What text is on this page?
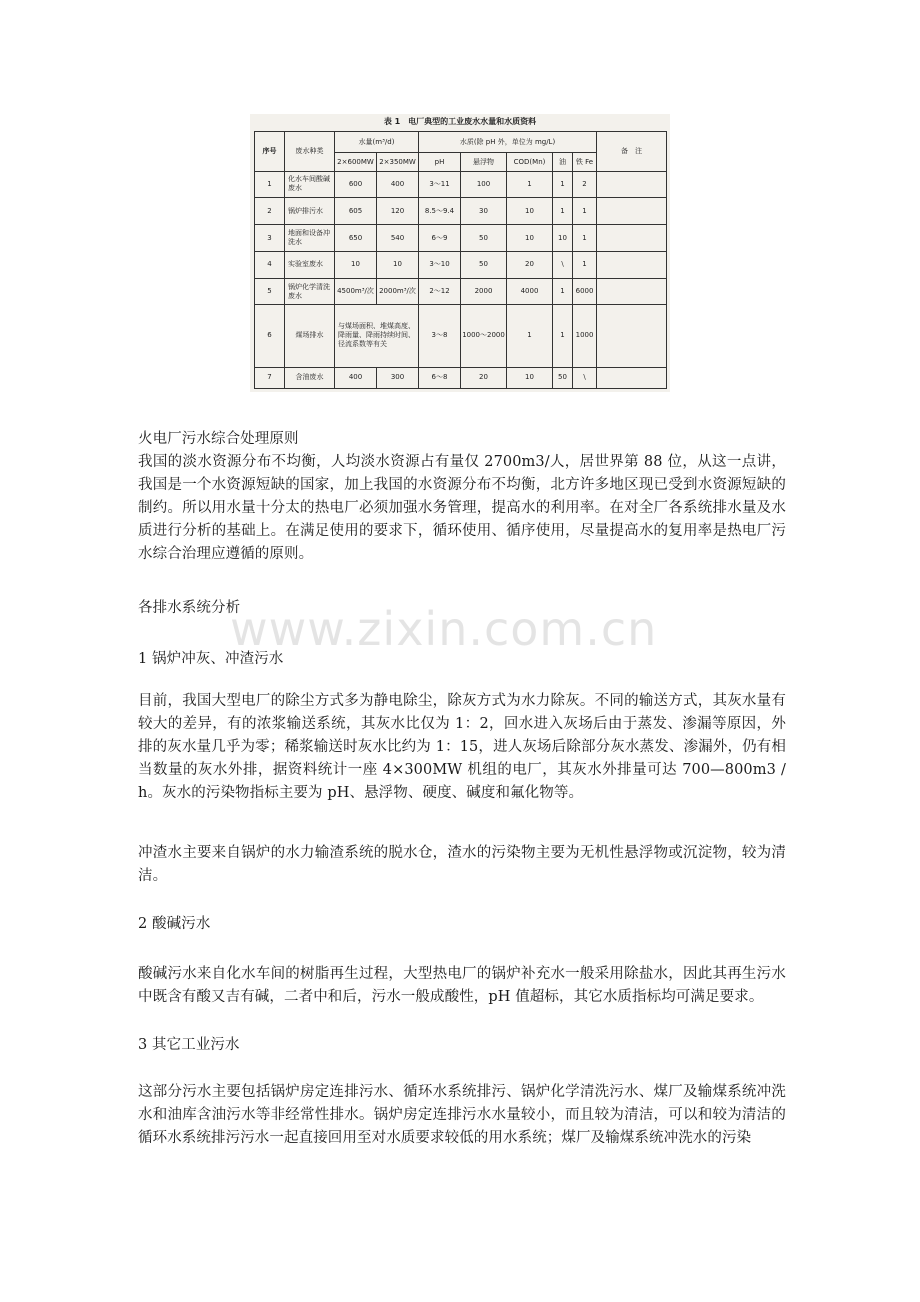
表 1　电厂典型的工业废水水量和水质资料
序号	废水种类	水量(m³/d)		水质(除 pH 外，单位为 mg/L)					备　注
		2×600MW	2×350MW	pH	悬浮物	COD(Mn)	油	铁 Fe	
1	化水车间酸碱废水	600	400	3～11	100	1	1	2	
2	锅炉排污水	605	120	8.5～9.4	30	10	1	1	
3	地面和设备冲洗水	650	540	6～9	50	10	10	1	
4	实验室废水	10	10	3～10	50	20	\	1	
5	锅炉化学清洗废水	4500m³/次	2000m³/次	2～12	2000	4000	1	6000	
6	煤场排水	与煤场面积、堆煤高度、降雨量、降雨持续时间、径流系数等有关		3～8	1000～2000	1	1	1000	
7	含油废水	400	300	6～8	20	10	50	\	
www.zixin.com.cn

火电厂污水综合处理原则

我国的淡水资源分布不均衡，人均淡水资源占有量仅 2700m3/人，居世界第 88 位，从这一点讲，我国是一个水资源短缺的国家，加上我国的水资源分布不均衡，北方许多地区现已受到水资源短缺的制约。所以用水量十分太的热电厂必须加强水务管理，提高水的利用率。在对全厂各系统排水量及水质进行分析的基础上。在满足使用的要求下，循环使用、循序使用，尽量提高水的复用率是热电厂污水综合治理应遵循的原则。

各排水系统分析

1 锅炉冲灰、冲渣污水

目前，我国大型电厂的除尘方式多为静电除尘，除灰方式为水力除灰。不同的输送方式，其灰水量有较大的差异，有的浓浆输送系统，其灰水比仅为 1：2，回水进入灰场后由于蒸发、渗漏等原因，外排的灰水量几乎为零；稀浆输送时灰水比约为 1：15，进人灰场后除部分灰水蒸发、渗漏外，仍有相当数量的灰水外排，据资料统计一座 4×300MW 机组的电厂，其灰水外排量可达 700—800m3 / h。灰水的污染物指标主要为 pH、悬浮物、硬度、碱度和氟化物等。

冲渣水主要来自锅炉的水力输渣系统的脱水仓，渣水的污染物主要为无机性悬浮物或沉淀物，较为清洁。

2 酸碱污水

酸碱污水来自化水车间的树脂再生过程，大型热电厂的锅炉补充水一般采用除盐水，因此其再生污水中既含有酸又吉有碱，二者中和后，污水一般成酸性，pH 值超标，其它水质指标均可满足要求。

3 其它工业污水

这部分污水主要包括锅炉房定连排污水、循环水系统排污、锅炉化学清洗污水、煤厂及输煤系统冲洗水和油库含油污水等非经常性排水。锅炉房定连排污水水量较小，而且较为清洁，可以和较为清洁的循环水系统排污污水一起直接回用至对水质要求较低的用水系统；煤厂及输煤系统冲洗水的污染
